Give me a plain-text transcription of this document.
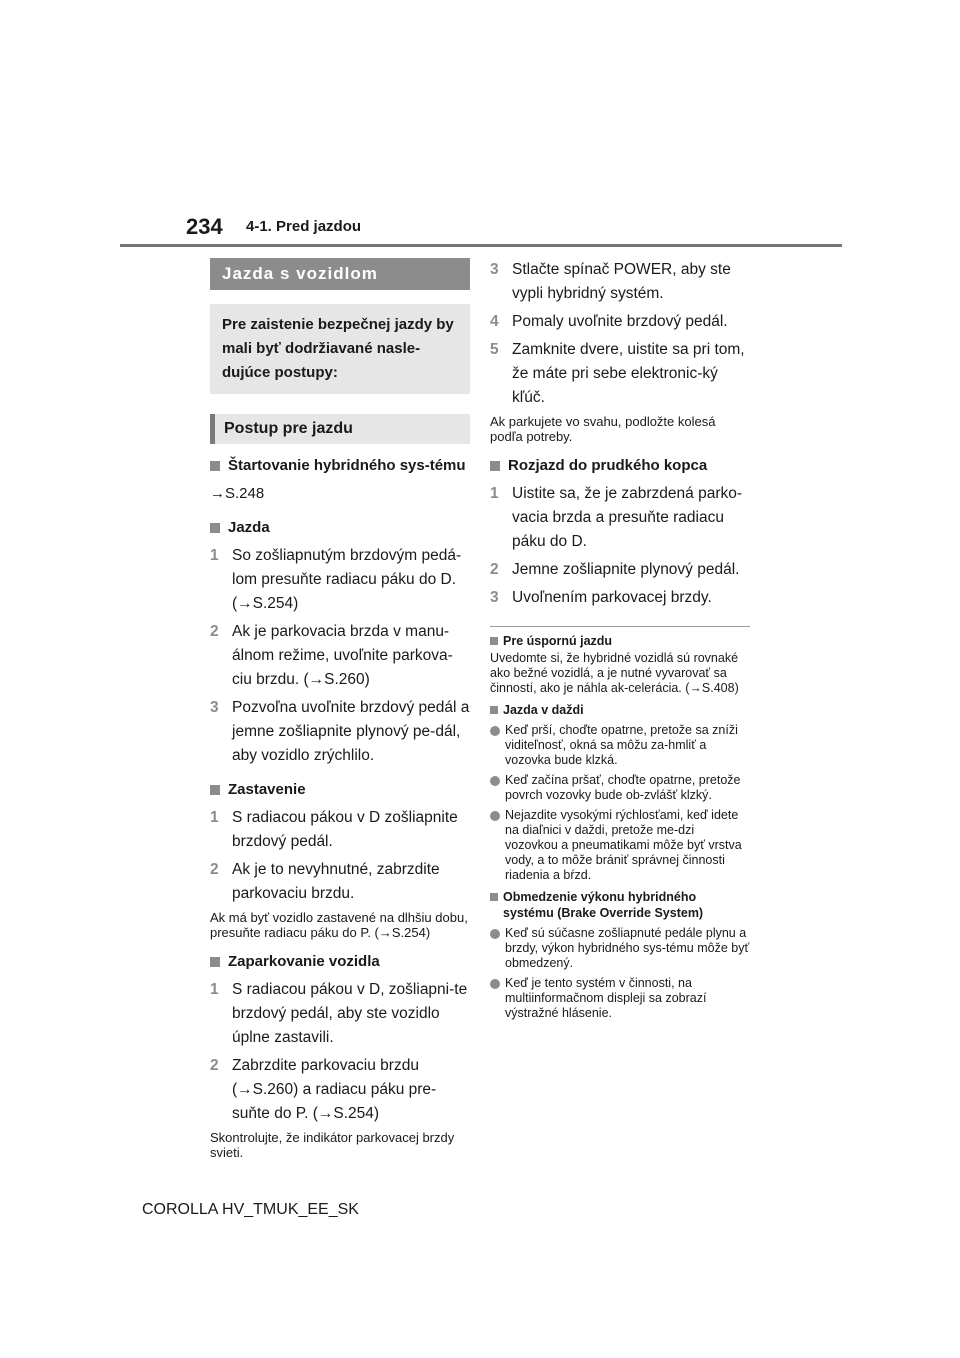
234 4-1. Pred jazdou
Jazda s vozidlom
Pre zaistenie bezpečnej jazdy by mali byť dodržiavané nasle-dujúce postupy:
Postup pre jazdu
Štartovanie hybridného sys-tému
→S.248
Jazda
1 So zošliapnutým brzdovým pedá-lom presuňte radiacu páku do D. (→S.254)
2 Ak je parkovacia brzda v manu-álnom režime, uvoľnite parkova-ciu brzdu. (→S.260)
3 Pozvoľna uvoľnite brzdový pedál a jemne zošliapnite plynový pe-dál, aby vozidlo zrýchlilo.
Zastavenie
1 S radiacou pákou v D zošliapnite brzdový pedál.
2 Ak je to nevyhnutné, zabrzdite parkovaciu brzdu.
Ak má byť vozidlo zastavené na dlhšiu dobu, presuňte radiacu páku do P. (→S.254)
Zaparkovanie vozidla
1 S radiacou pákou v D, zošliapni-te brzdový pedál, aby ste vozidlo úplne zastavili.
2 Zabrzdite parkovaciu brzdu (→S.260) a radiacu páku pre-suňte do P. (→S.254)
Skontrolujte, že indikátor parkovacej brzdy svieti.
3 Stlačte spínač POWER, aby ste vypli hybridný systém.
4 Pomaly uvoľnite brzdový pedál.
5 Zamknite dvere, uistite sa pri tom, že máte pri sebe elektronic-ký kľúč.
Ak parkujete vo svahu, podložte kolesá podľa potreby.
Rozjazd do prudkého kopca
1 Uistite sa, že je zabrzdená parko-vacia brzda a presuňte radiacu páku do D.
2 Jemne zošliapnite plynový pedál.
3 Uvoľnením parkovacej brzdy.
Pre úspornú jazdu
Uvedomte si, že hybridné vozidlá sú rovnaké ako bežné vozidlá, a je nutné vyvarovať sa činností, ako je náhla ak-celerácia. (→S.408)
Jazda v daždi
Keď prší, choďte opatrne, pretože sa zníži viditeľnosť, okná sa môžu za-hmliť a vozovka bude klzká.
Keď začína pršať, choďte opatrne, pretože povrch vozovky bude ob-zvlášť klzký.
Nejazdite vysokými rýchlosťami, keď idete na diaľnici v daždi, pretože me-dzi vozovkou a pneumatikami môže byť vrstva vody, a to môže brániť správnej činnosti riadenia a bŕzd.
Obmedzenie výkonu hybridného systému (Brake Override System)
Keď sú súčasne zošliapnuté pedále plynu a brzdy, výkon hybridného sys-tému môže byť obmedzený.
Keď je tento systém v činnosti, na multiinformačnom displeji sa zobrazí výstražné hlásenie.
COROLLA HV_TMUK_EE_SK
